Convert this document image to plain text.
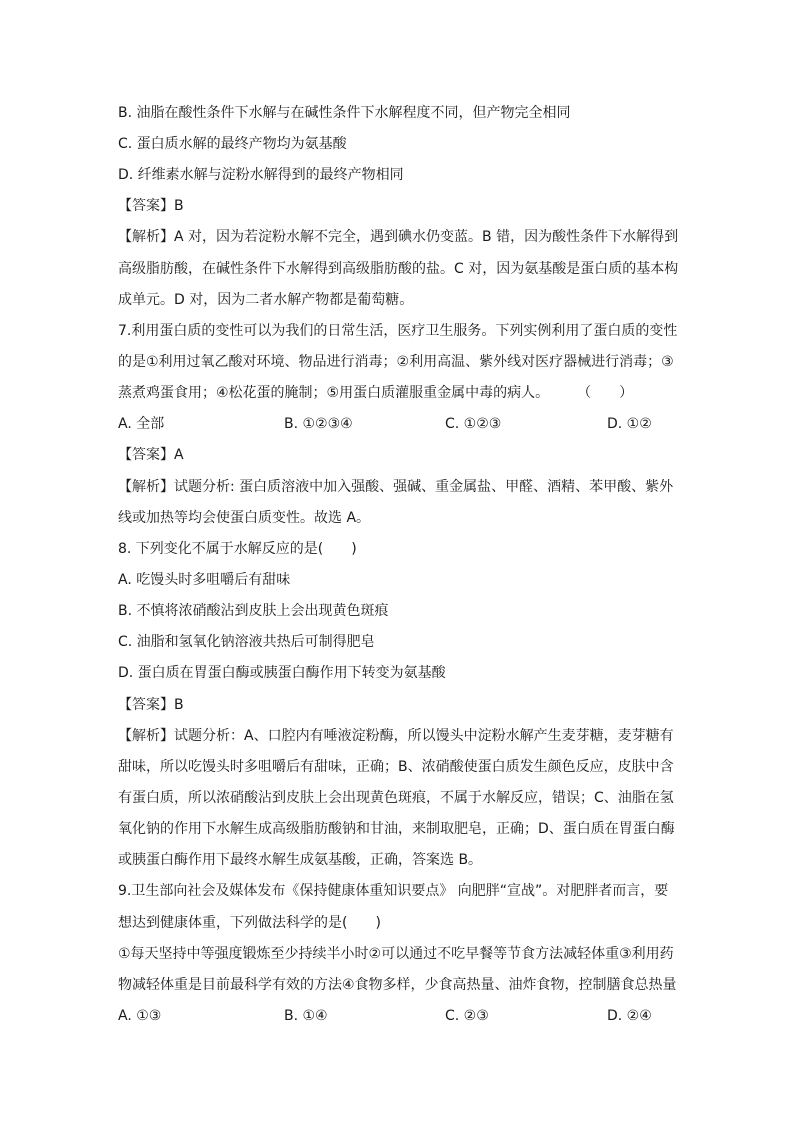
B. 油脂在酸性条件下水解与在碱性条件下水解程度不同，但产物完全相同
C. 蛋白质水解的最终产物均为氨基酸
D. 纤维素水解与淀粉水解得到的最终产物相同
【答案】B
【解析】A 对，因为若淀粉水解不完全，遇到碘水仍变蓝。B 错，因为酸性条件下水解得到
高级脂肪酸，在碱性条件下水解得到高级脂肪酸的盐。C 对，因为氨基酸是蛋白质的基本构
成单元。D 对，因为二者水解产物都是葡萄糖。
7.利用蛋白质的变性可以为我们的日常生活，医疗卫生服务。下列实例利用了蛋白质的变性
的是①利用过氧乙酸对环境、物品进行消毒；②利用高温、紫外线对医疗器械进行消毒；③
蒸煮鸡蛋食用；④松花蛋的腌制；⑤用蛋白质灌服重金属中毒的病人。　　　（　　）
A. 全部	B. ①②③④	C. ①②③	D. ①②
【答案】A
【解析】试题分析: 蛋白质溶液中加入强酸、强碱、重金属盐、甲醛、酒精、苯甲酸、紫外
线或加热等均会使蛋白质变性。故选 A。
8. 下列变化不属于水解反应的是(　　)
A. 吃馒头时多咀嚼后有甜味
B. 不慎将浓硝酸沾到皮肤上会出现黄色斑痕
C. 油脂和氢氧化钠溶液共热后可制得肥皂
D. 蛋白质在胃蛋白酶或胰蛋白酶作用下转变为氨基酸
【答案】B
【解析】试题分析：A、口腔内有唾液淀粉酶，所以馒头中淀粉水解产生麦芽糖，麦芽糖有
甜味，所以吃馒头时多咀嚼后有甜味，正确；B、浓硝酸使蛋白质发生颜色反应，皮肤中含
有蛋白质，所以浓硝酸沾到皮肤上会出现黄色斑痕，不属于水解反应，错误；C、油脂在氢
氧化钠的作用下水解生成高级脂肪酸钠和甘油，来制取肥皂，正确；D、蛋白质在胃蛋白酶
或胰蛋白酶作用下最终水解生成氨基酸，正确，答案选 B。
9.卫生部向社会及媒体发布《保持健康体重知识要点》 向肥胖“宣战”。对肥胖者而言，要
想达到健康体重，下列做法科学的是(　　)
①每天坚持中等强度锻炼至少持续半小时②可以通过不吃早餐等节食方法减轻体重③利用药
物减轻体重是目前最科学有效的方法④食物多样，少食高热量、油炸食物，控制膳食总热量
A. ①③	B. ①④	C. ②③	D. ②④
